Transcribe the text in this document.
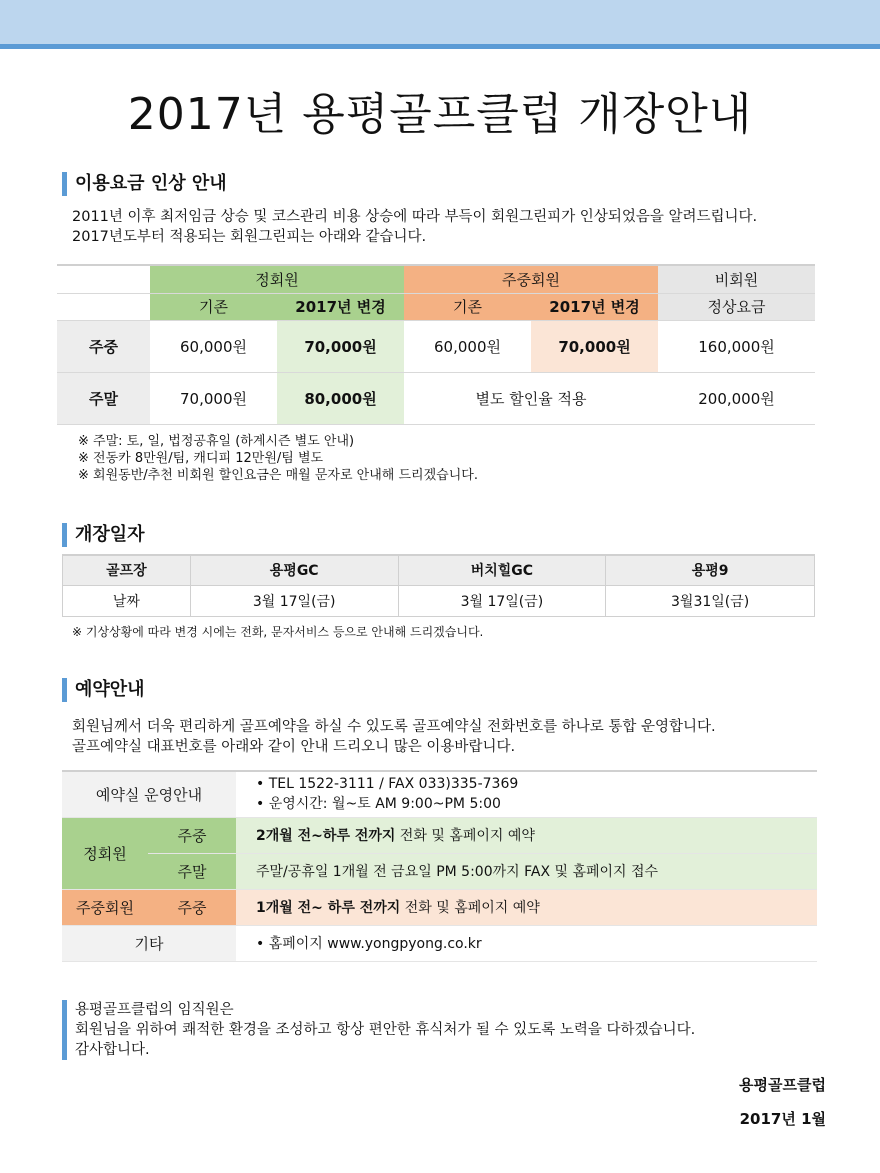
2017년 용평골프클럽 개장안내
이용요금 인상 안내
2011년 이후 최저임금 상승 및 코스관리 비용 상승에 따라 부득이 회원그린피가 인상되었음을 알려드립니다.
2017년도부터 적용되는 회원그린피는 아래와 같습니다.
	정회원		주중회원		비회원
	기존	2017년 변경	기존	2017년 변경	정상요금
주중	60,000원	70,000원	60,000원	70,000원	160,000원
주말	70,000원	80,000원	별도 할인율 적용		200,000원
※ 주말: 토, 일, 법정공휴일 (하계시즌 별도 안내)
※ 전동카 8만원/팀, 캐디피 12만원/팀 별도
※ 회원동반/추천 비회원 할인요금은 매월 문자로 안내해 드리겠습니다.
개장일자
골프장	용평GC	버치힐GC	용평9
날짜	3월 17일(금)	3월 17일(금)	3월31일(금)
※ 기상상황에 따라 변경 시에는 전화, 문자서비스 등으로 안내해 드리겠습니다.
예약안내
회원님께서 더욱 편리하게 골프예약을 하실 수 있도록 골프예약실 전화번호를 하나로 통합 운영합니다.
골프예약실 대표번호를 아래와 같이 안내 드리오니 많은 이용바랍니다.
예약실 운영안내		• TEL 1522-3111 / FAX 033)335-7369
• 운영시간: 월~토 AM 9:00~PM 5:00

정회원	주중	2개월 전~하루 전까지 전화 및 홈페이지 예약
	주말	주말/공휴일 1개월 전 금요일 PM 5:00까지 FAX 및 홈페이지 접수
주중회원	주중	1개월 전~ 하루 전까지 전화 및 홈페이지 예약
기타		• 홈페이지 www.yongpyong.co.kr
용평골프클럽의 임직원은
회원님을 위하여 쾌적한 환경을 조성하고 항상 편안한 휴식처가 될 수 있도록 노력을 다하겠습니다.
감사합니다.
용평골프클럽
2017년 1월
